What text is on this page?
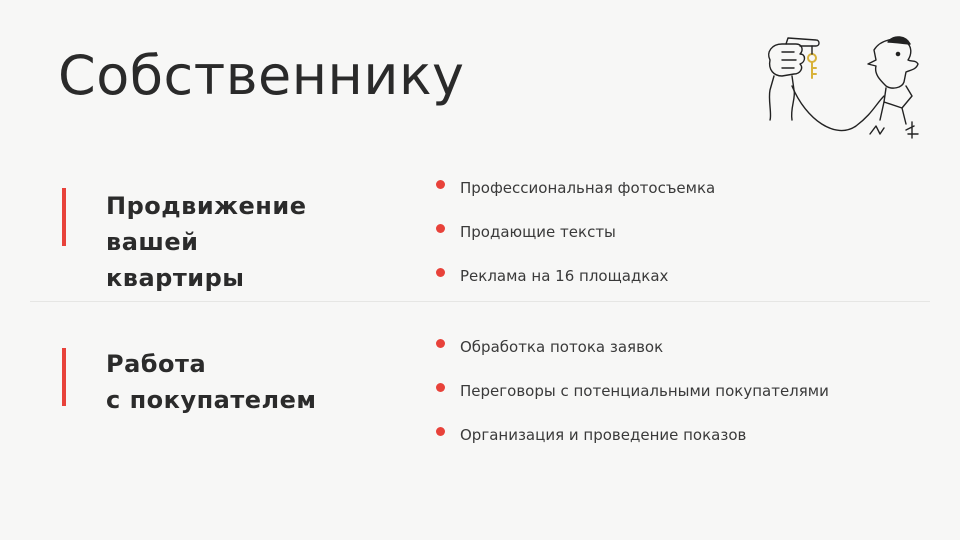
Собственнику
Продвижение
вашей
квартиры
Профессиональная фотосъемка
Продающие тексты
Реклама на 16 площадках
Работа
с покупателем
Обработка потока заявок
Переговоры с потенциальными покупателями
Организация и проведение показов
